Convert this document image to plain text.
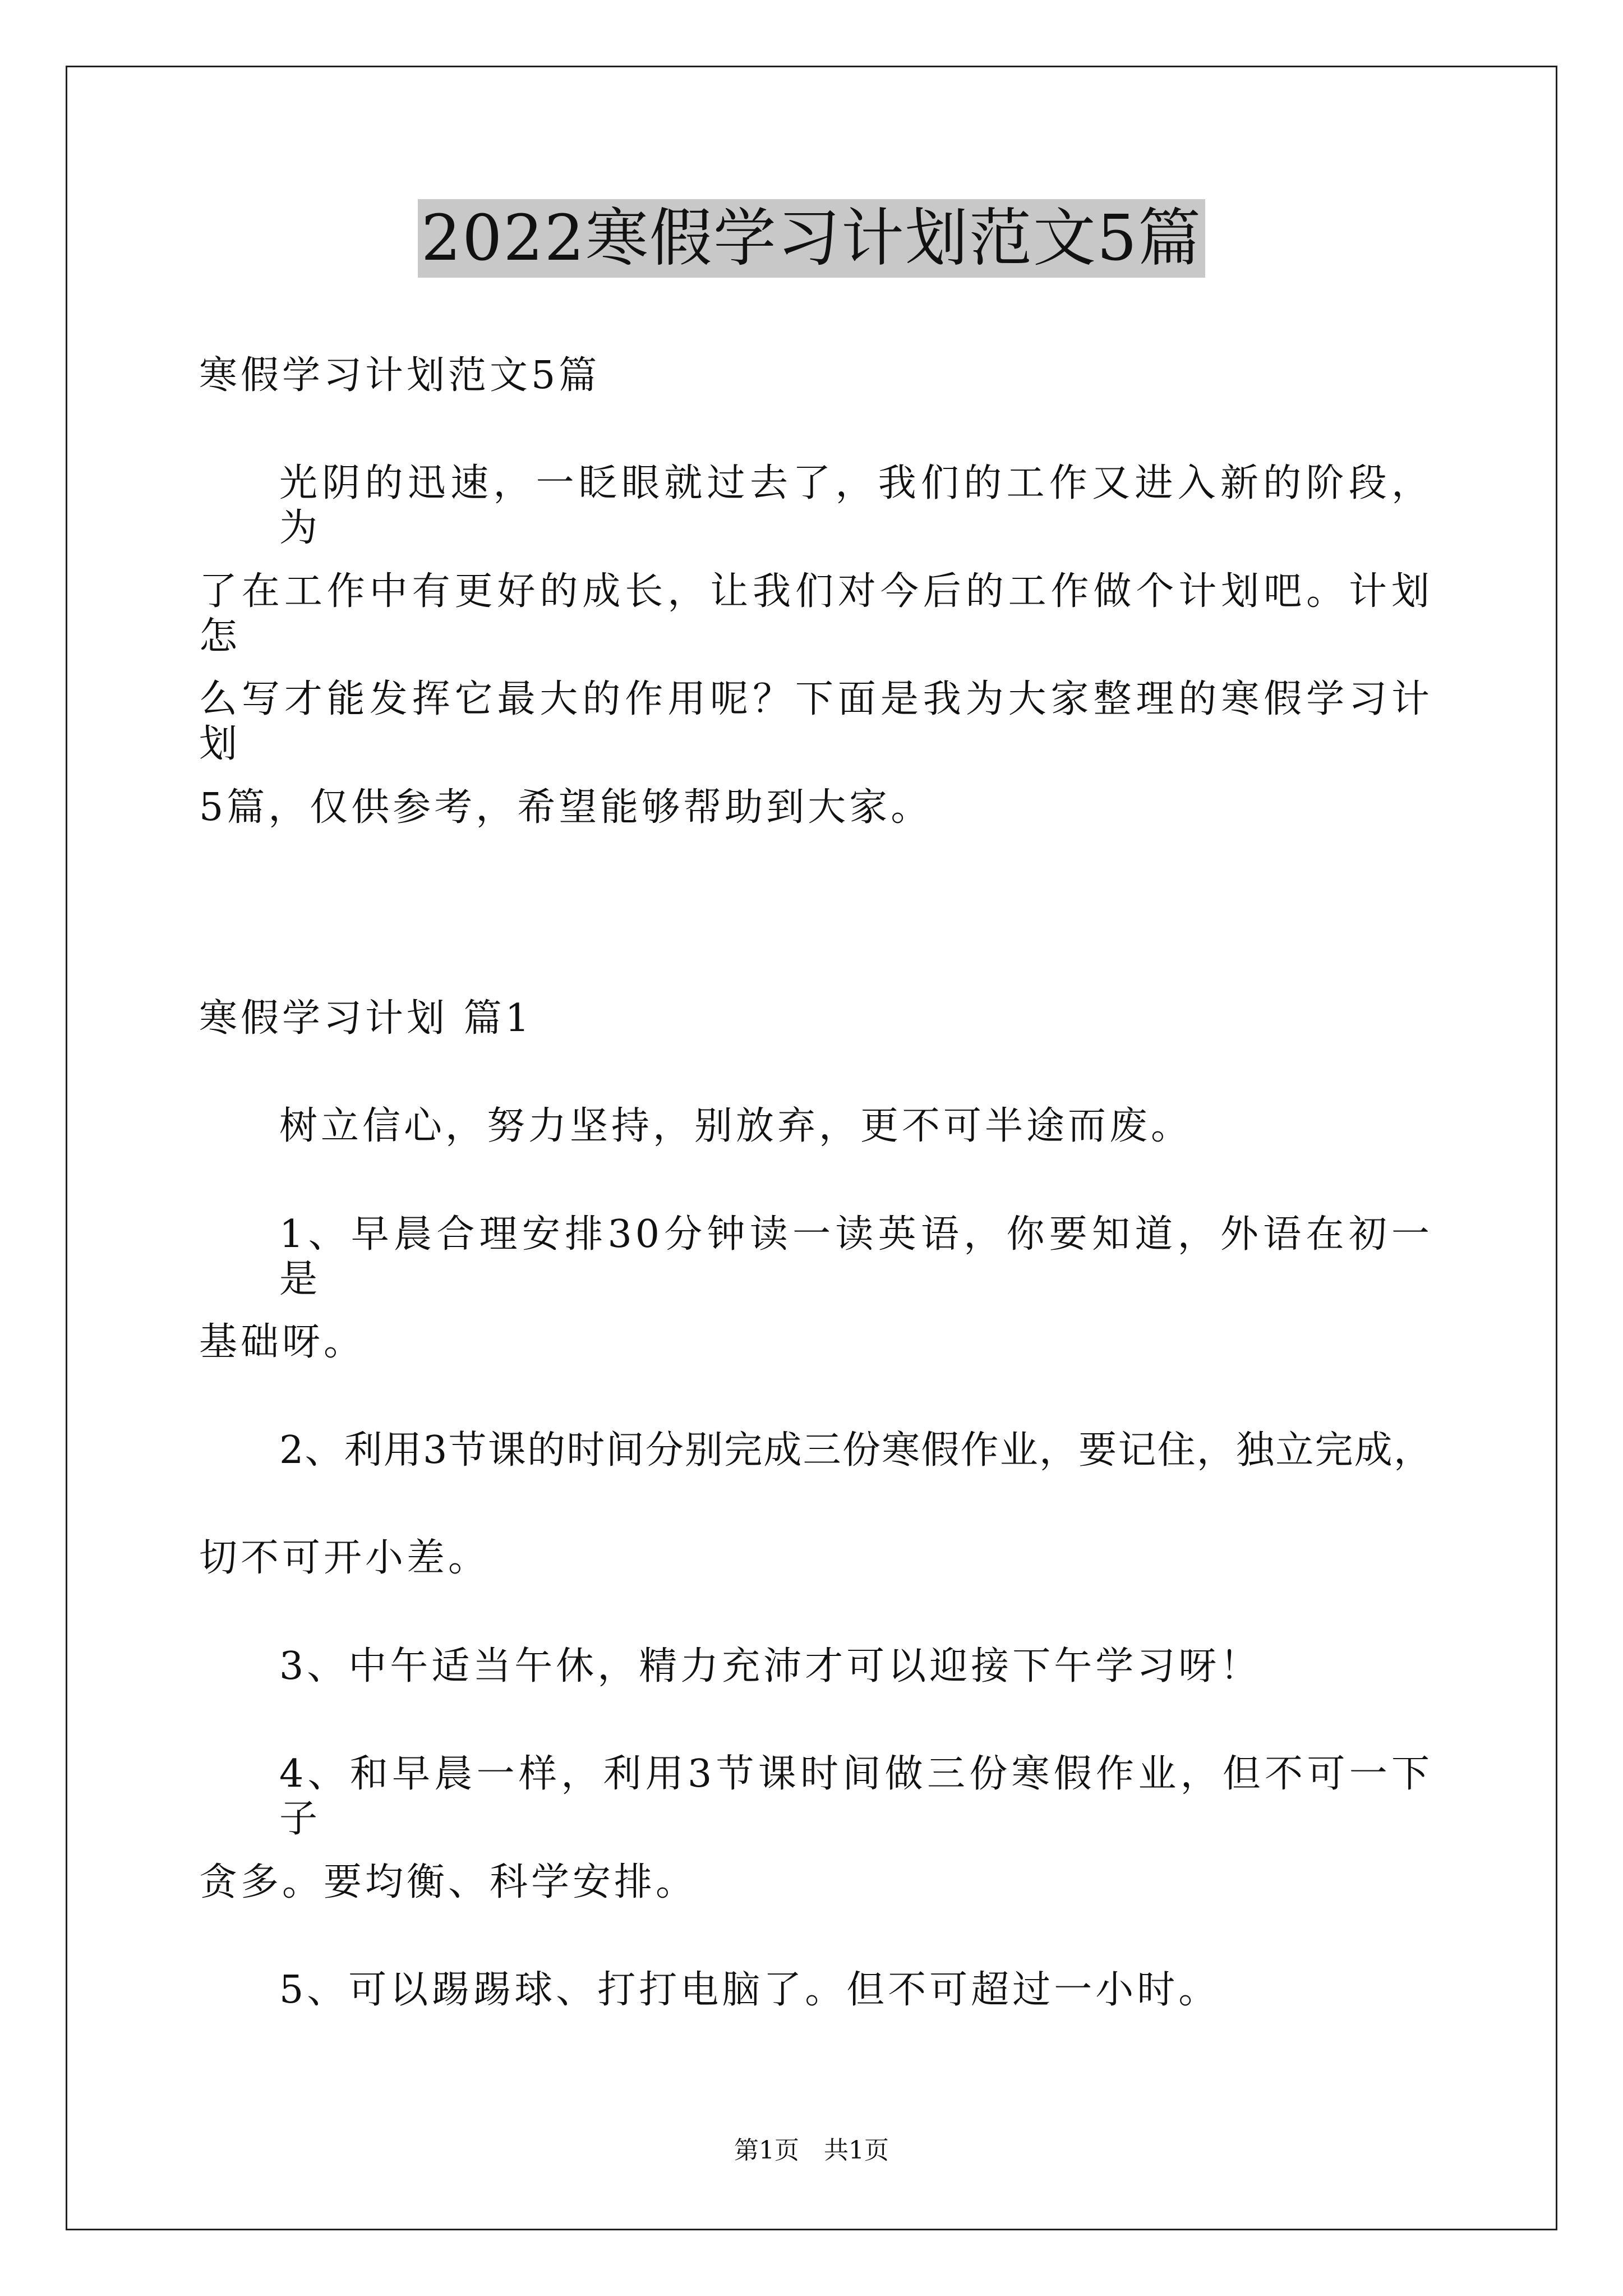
2022寒假学习计划范文5篇
寒假学习计划范文5篇
光阴的迅速，一眨眼就过去了，我们的工作又进入新的阶段，为
了在工作中有更好的成长，让我们对今后的工作做个计划吧。计划怎
么写才能发挥它最大的作用呢？下面是我为大家整理的寒假学习计划
5篇，仅供参考，希望能够帮助到大家。
寒假学习计划 篇1
树立信心，努力坚持，别放弃，更不可半途而废。
1、早晨合理安排30分钟读一读英语，你要知道，外语在初一是
基础呀。
2、利用3节课的时间分别完成三份寒假作业，要记住，独立完成，
切不可开小差。
3、中午适当午休，精力充沛才可以迎接下午学习呀！
4、和早晨一样，利用3节课时间做三份寒假作业，但不可一下子
贪多。要均衡、科学安排。
5、可以踢踢球、打打电脑了。但不可超过一小时。
第1页　共1页
